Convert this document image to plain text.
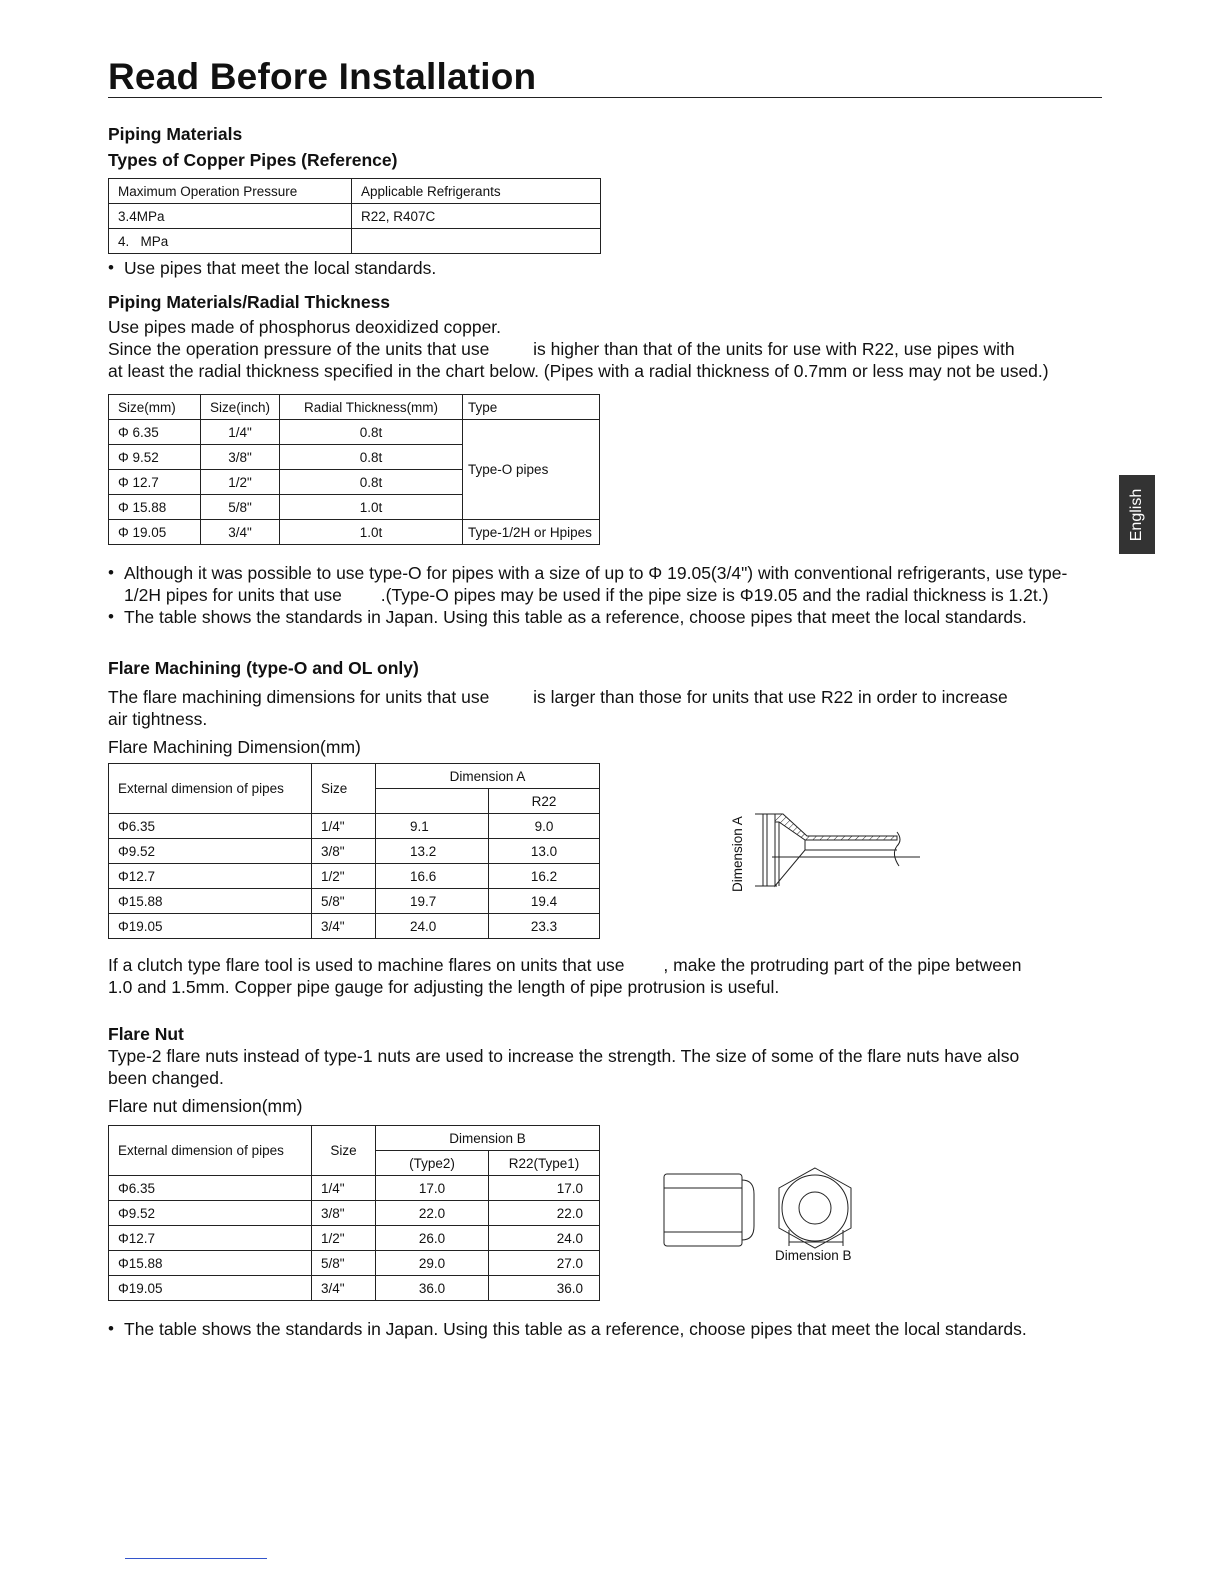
Read Before Installation
English
Piping Materials
Types of Copper Pipes (Reference)
Maximum Operation Pressure	Applicable Refrigerants
3.4MPa	R22, R407C
4.   MPa	
• Use pipes that meet the local standards.
Piping Materials/Radial Thickness
Use pipes made of phosphorus deoxidized copper.
Since the operation pressure of the units that use         is higher than that of the units for use with R22, use pipes with
at least the radial thickness specified in the chart below. (Pipes with a radial thickness of 0.7mm or less may not be used.)
Size(mm)	Size(inch)	Radial Thickness(mm)	Type
Φ 6.35	1/4"	0.8t	Type-O pipes
Φ 9.52	3/8"	0.8t	
Φ 12.7	1/2"	0.8t	
Φ 15.88	5/8"	1.0t	
Φ 19.05	3/4"	1.0t	Type-1/2H or Hpipes
• Although it was possible to use type-O for pipes with a size of up to Φ 19.05(3/4") with conventional refrigerants, use type-
1/2H pipes for units that use        .(Type-O pipes may be used if the pipe size is Φ19.05 and the radial thickness is 1.2t.)
• The table shows the standards in Japan. Using this table as a reference, choose pipes that meet the local standards.
Flare Machining (type-O and OL only)
The flare machining dimensions for units that use         is larger than those for units that use R22 in order to increase
air tightness.
Flare Machining Dimension(mm)
External dimension of pipes	Size	Dimension A	
			R22
Φ6.35	1/4"	9.1	9.0
Φ9.52	3/8"	13.2	13.0
Φ12.7	1/2"	16.6	16.2
Φ15.88	5/8"	19.7	19.4
Φ19.05	3/4"	24.0	23.3
Dimension A
If a clutch type flare tool is used to machine flares on units that use        , make the protruding part of the pipe between
1.0 and 1.5mm. Copper pipe gauge for adjusting the length of pipe protrusion is useful.
Flare Nut
Type-2 flare nuts instead of type-1 nuts are used to increase the strength. The size of some of the flare nuts have also
been changed.
Flare nut dimension(mm)
External dimension of pipes	Size	Dimension B	
		(Type2)	R22(Type1)
Φ6.35	1/4"	17.0	17.0
Φ9.52	3/8"	22.0	22.0
Φ12.7	1/2"	26.0	24.0
Φ15.88	5/8"	29.0	27.0
Φ19.05	3/4"	36.0	36.0
Dimension B
• The table shows the standards in Japan. Using this table as a reference, choose pipes that meet the local standards.
